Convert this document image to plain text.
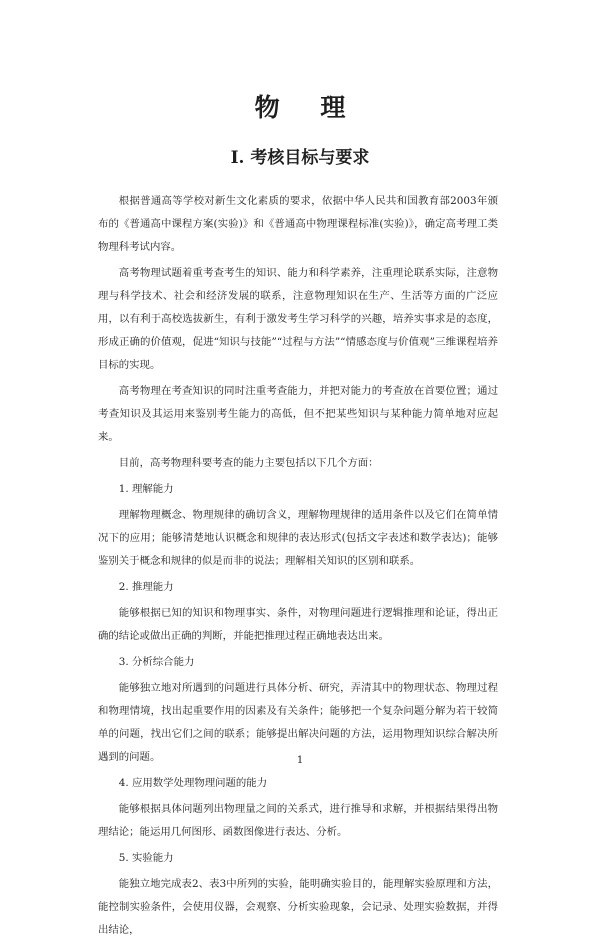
物 理
Ⅰ. 考核目标与要求

根据普通高等学校对新生文化素质的要求，依据中华人民共和国教育部2003年颁布的《普通高中课程方案(实验)》和《普通高中物理课程标准(实验)》，确定高考理工类物理科考试内容。

高考物理试题着重考查考生的知识、能力和科学素养，注重理论联系实际，注意物理与科学技术、社会和经济发展的联系，注意物理知识在生产、生活等方面的广泛应用，以有利于高校选拔新生，有利于激发考生学习科学的兴趣，培养实事求是的态度，形成正确的价值观，促进“知识与技能”“过程与方法”“情感态度与价值观”三维课程培养目标的实现。

高考物理在考查知识的同时注重考查能力，并把对能力的考查放在首要位置；通过考查知识及其运用来鉴别考生能力的高低，但不把某些知识与某种能力简单地对应起来。

目前，高考物理科要考查的能力主要包括以下几个方面：

1. 理解能力

理解物理概念、物理规律的确切含义，理解物理规律的适用条件以及它们在简单情况下的应用；能够清楚地认识概念和规律的表达形式(包括文字表述和数学表达)；能够鉴别关于概念和规律的似是而非的说法；理解相关知识的区别和联系。

2. 推理能力

能够根据已知的知识和物理事实、条件，对物理问题进行逻辑推理和论证，得出正确的结论或做出正确的判断，并能把推理过程正确地表达出来。

3. 分析综合能力

能够独立地对所遇到的问题进行具体分析、研究，弄清其中的物理状态、物理过程和物理情境，找出起重要作用的因素及有关条件；能够把一个复杂问题分解为若干较简单的问题，找出它们之间的联系；能够提出解决问题的方法，运用物理知识综合解决所遇到的问题。

4. 应用数学处理物理问题的能力

能够根据具体问题列出物理量之间的关系式，进行推导和求解，并根据结果得出物理结论；能运用几何图形、函数图像进行表达、分析。

5. 实验能力

能独立地完成表2、表3中所列的实验，能明确实验目的，能理解实验原理和方法，能控制实验条件，会使用仪器，会观察、分析实验现象，会记录、处理实验数据，并得出结论，

1
